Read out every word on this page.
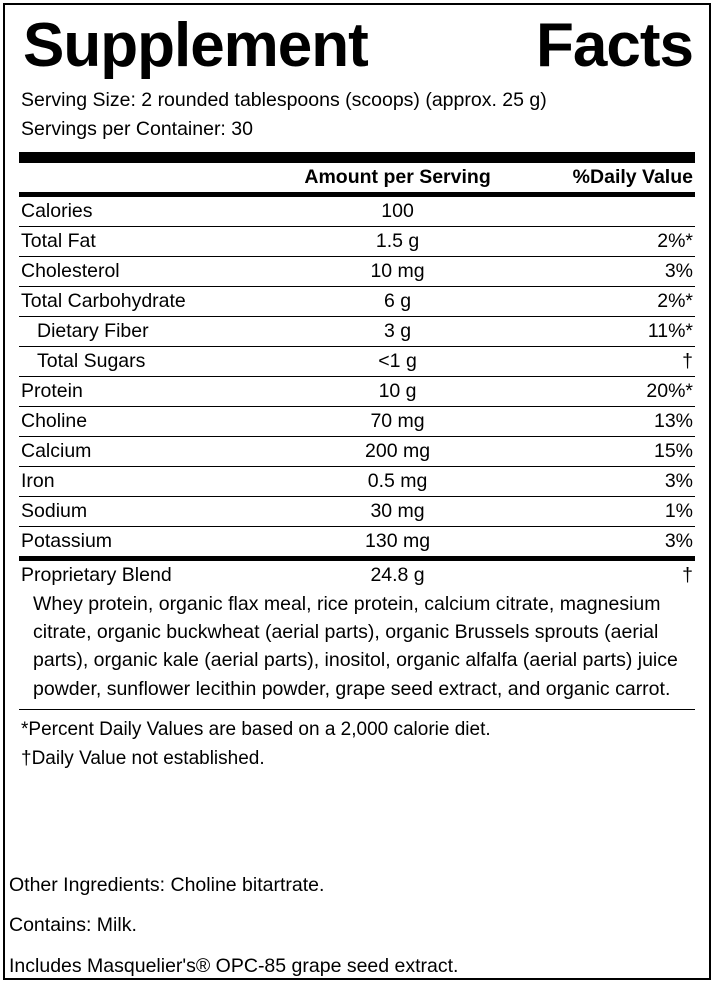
Supplement	Facts
Serving Size: 2 rounded tablespoons (scoops) (approx. 25 g)
Servings per Container: 30
	Amount per Serving	%Daily Value
Calories	100	
Total Fat	1.5 g	2%*
Cholesterol	10 mg	3%
Total Carbohydrate	6 g	2%*
Dietary Fiber	3 g	11%*
Total Sugars	<1 g	†
Protein	10 g	20%*
Choline	70 mg	13%
Calcium	200 mg	15%
Iron	0.5 mg	3%
Sodium	30 mg	1%
Potassium	130 mg	3%
Proprietary Blend	24.8 g	†
Whey protein, organic flax meal, rice protein, calcium citrate, magnesium citrate, organic buckwheat (aerial parts), organic Brussels sprouts (aerial parts), organic kale (aerial parts), inositol, organic alfalfa (aerial parts) juice powder, sunflower lecithin powder, grape seed extract, and organic carrot.
*Percent Daily Values are based on a 2,000 calorie diet.
†Daily Value not established.
Other Ingredients: Choline bitartrate.
Contains: Milk.
Includes Masquelier's® OPC-85 grape seed extract.
